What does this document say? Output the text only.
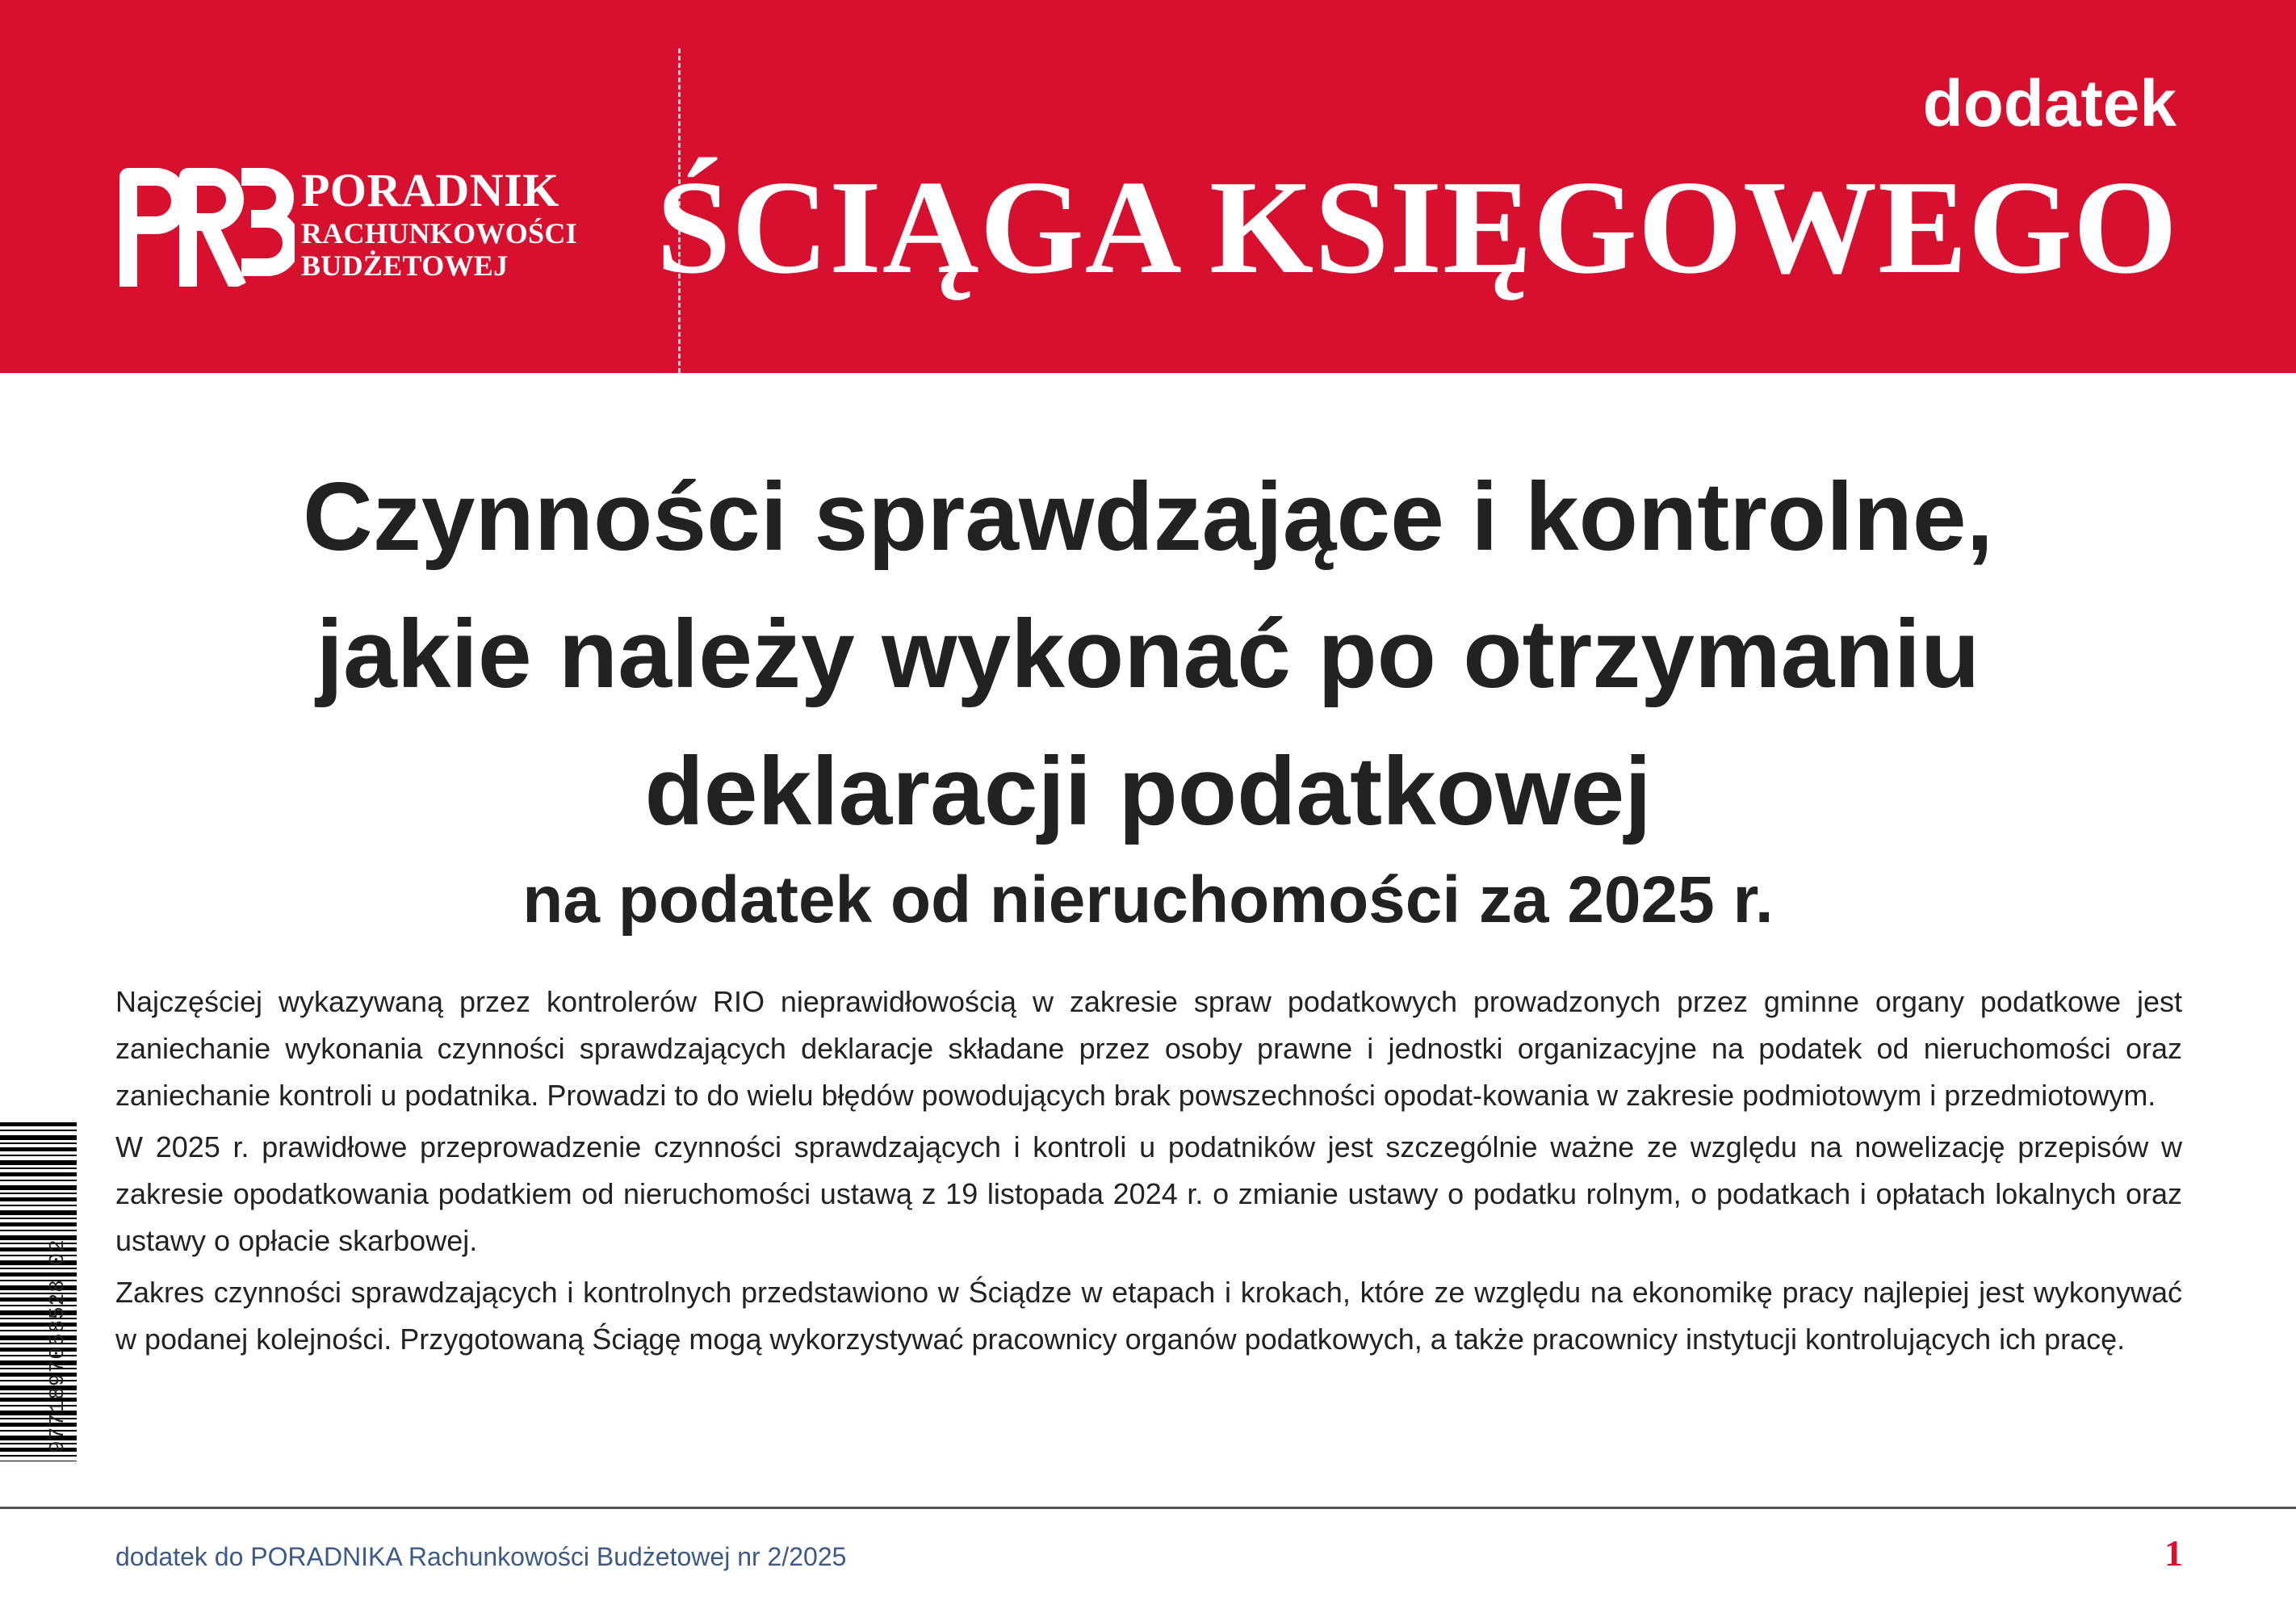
PORADNIK
RACHUNKOWOŚCI
BUDŻETOWEJ
dodatek
ŚCIĄGA KSIĘGOWEGO
Czynności sprawdzające i kontrolne,
jakie należy wykonać po otrzymaniu
deklaracji podatkowej
na podatek od nieruchomości za 2025 r.

Najczęściej wykazywaną przez kontrolerów RIO nieprawidłowością w zakresie spraw podatkowych prowadzonych przez gminne organy podatkowe jest zaniechanie wykonania czynności sprawdzających deklaracje składane przez osoby prawne i jednostki organizacyjne na podatek od nieruchomości oraz zaniechanie kontroli u podatnika. Prowadzi to do wielu błędów powodujących brak powszechności opodat-kowania w zakresie podmiotowym i przedmiotowym.

W 2025 r. prawidłowe przeprowadzenie czynności sprawdzających i kontroli u podatników jest szczególnie ważne ze względu na nowelizację przepisów w zakresie opodatkowania podatkiem od nieruchomości ustawą z 19 listopada 2024 r. o zmianie ustawy o podatku rolnym, o podatkach i opłatach lokalnych oraz ustawy o opłacie skarbowej.

Zakres czynności sprawdzających i kontrolnych przedstawiono w Ściądze w etapach i krokach, które ze względu na ekonomikę pracy najlepiej jest wykonywać w podanej kolejności. Przygotowaną Ściągę mogą wykorzystywać pracownicy organów podatkowych, a także pracownicy instytucji kontrolujących ich pracę.

9771897058528 02
dodatek do PORADNIKA Rachunkowości Budżetowej nr 2/2025	1
